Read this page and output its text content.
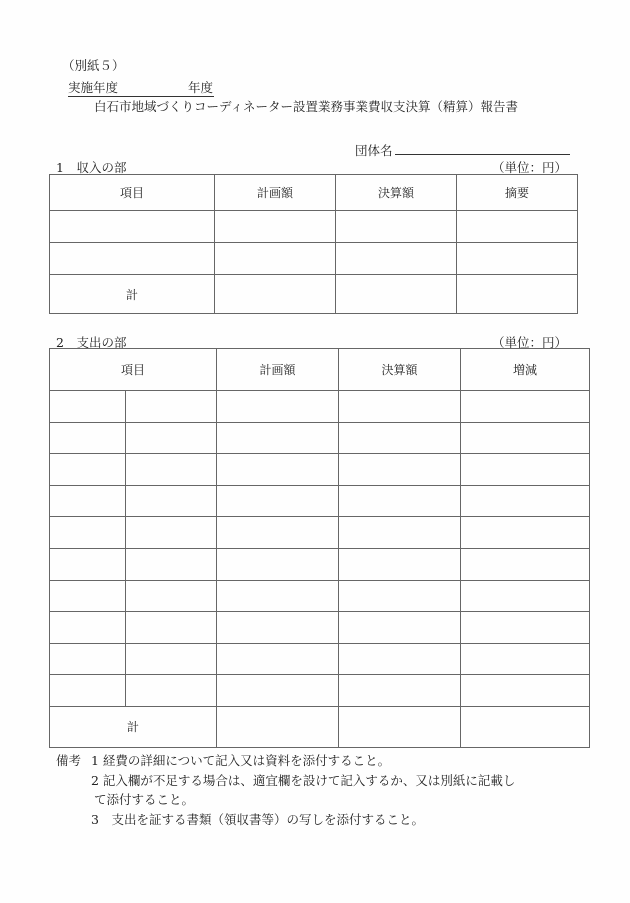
（別紙５）
実施年度	年度
白石市地域づくりコーディネーター設置業務事業費収支決算（精算）報告書
団体名
1　収入の部	（単位：円）
項目	計画額	決算額	摘要

計			
2　支出の部	（単位：円）
項目		計画額	決算額	増減

計				
備考 1 経費の詳細について記入又は資料を添付すること。
2 記入欄が不足する場合は、適宜欄を設けて記入するか、又は別紙に記載し
て添付すること。
3　支出を証する書類（領収書等）の写しを添付すること。
